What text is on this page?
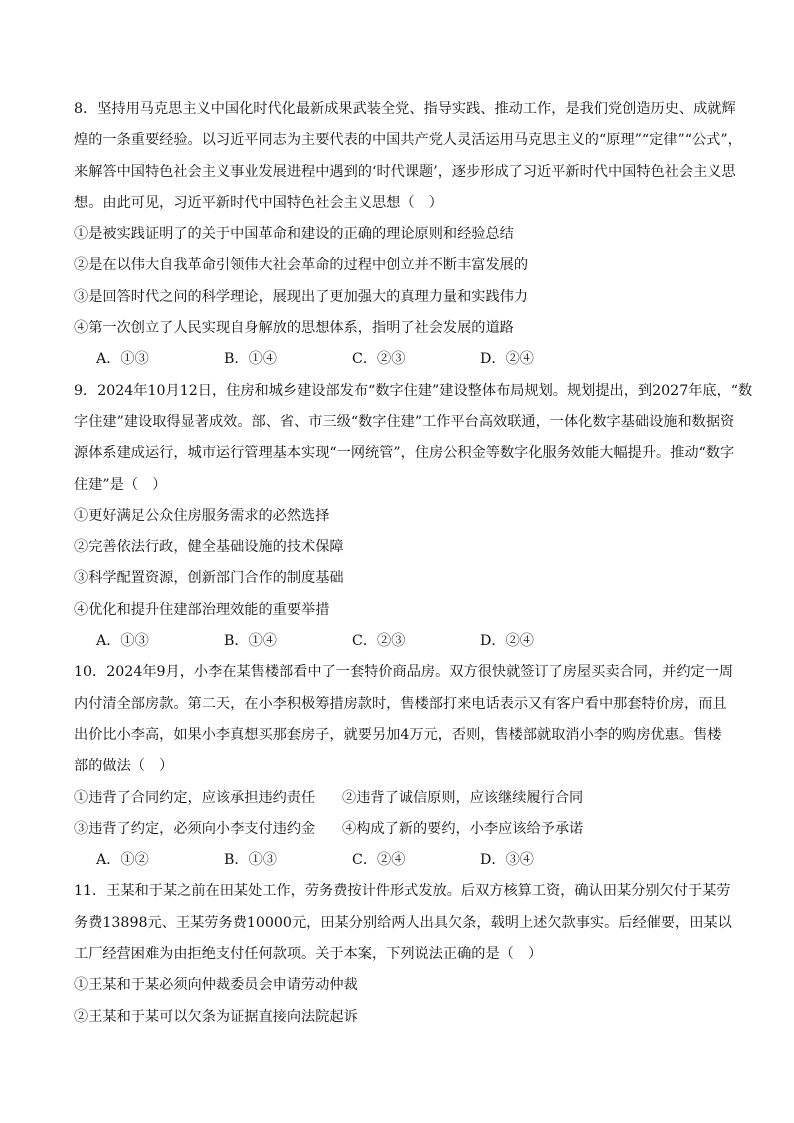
8．坚持用马克思主义中国化时代化最新成果武装全党、指导实践、推动工作，是我们党创造历史、成就辉
煌的一条重要经验。以习近平同志为主要代表的中国共产党人灵活运用马克思主义的“原理”“定律”“公式”，
来解答中国特色社会主义事业发展进程中遇到的‘时代课题’，逐步形成了习近平新时代中国特色社会主义思
想。由此可见，习近平新时代中国特色社会主义思想（　）
①是被实践证明了的关于中国革命和建设的正确的理论原则和经验总结
②是在以伟大自我革命引领伟大社会革命的过程中创立并不断丰富发展的
③是回答时代之问的科学理论，展现出了更加强大的真理力量和实践伟力
④第一次创立了人民实现自身解放的思想体系，指明了社会发展的道路
A．①③	B．①④	C．②③	D．②④
9．2024年10月12日，住房和城乡建设部发布“数字住建”建设整体布局规划。规划提出，到2027年底，“数
字住建”建设取得显著成效。部、省、市三级“数字住建”工作平台高效联通，一体化数字基础设施和数据资
源体系建成运行，城市运行管理基本实现“一网统管”，住房公积金等数字化服务效能大幅提升。推动“数字
住建”是（　）
①更好满足公众住房服务需求的必然选择
②完善依法行政，健全基础设施的技术保障
③科学配置资源，创新部门合作的制度基础
④优化和提升住建部治理效能的重要举措
A．①③	B．①④	C．②③	D．②④
10．2024年9月，小李在某售楼部看中了一套特价商品房。双方很快就签订了房屋买卖合同，并约定一周
内付清全部房款。第二天，在小李积极筹措房款时，售楼部打来电话表示又有客户看中那套特价房，而且
出价比小李高，如果小李真想买那套房子，就要另加4万元，否则，售楼部就取消小李的购房优惠。售楼
部的做法（　）
①违背了合同约定，应该承担违约责任	②违背了诚信原则，应该继续履行合同
③违背了约定，必须向小李支付违约金	④构成了新的要约，小李应该给予承诺
A．①②	B．①③	C．②④	D．③④
11．王某和于某之前在田某处工作，劳务费按计件形式发放。后双方核算工资，确认田某分别欠付于某劳
务费13898元、王某劳务费10000元，田某分别给两人出具欠条，载明上述欠款事实。后经催要，田某以
工厂经营困难为由拒绝支付任何款项。关于本案，下列说法正确的是（　）
①王某和于某必须向仲裁委员会申请劳动仲裁
②王某和于某可以欠条为证据直接向法院起诉
